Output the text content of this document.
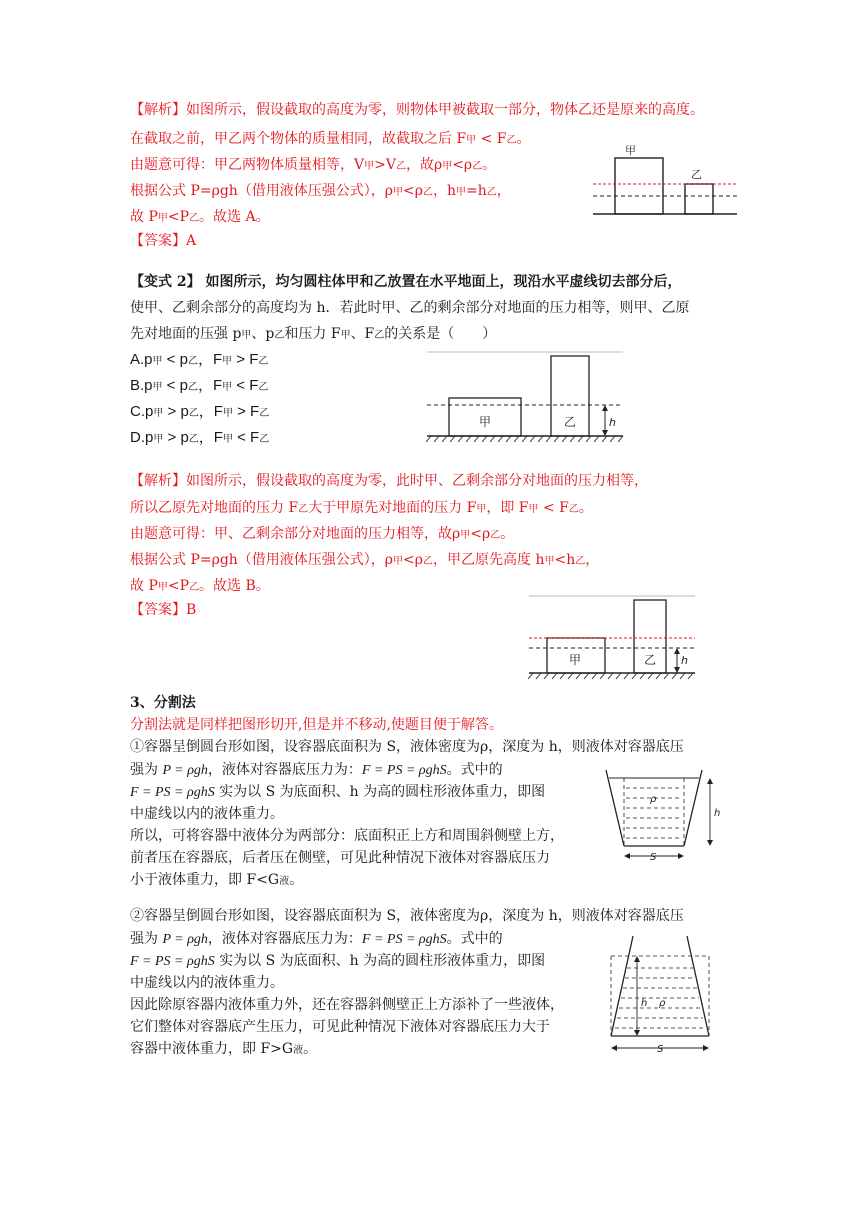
【解析】如图所示，假设截取的高度为零，则物体甲被截取一部分，物体乙还是原来的高度。
在截取之前，甲乙两个物体的质量相同，故截取之后 F甲 < F乙。
由题意可得：甲乙两物体质量相等，V甲>V乙，故ρ甲<ρ乙。
根据公式 P=ρgh（借用液体压强公式），ρ甲<ρ乙，h甲=h乙，
故 P甲<P乙。故选 A。
【答案】A
甲
乙
【变式 2】 如图所示，均匀圆柱体甲和乙放置在水平地面上，现沿水平虚线切去部分后，
使甲、乙剩余部分的高度均为 h．若此时甲、乙的剩余部分对地面的压力相等，则甲、乙原
先对地面的压强 p甲、p乙和压力 F甲、F乙的关系是（　　）
A.p甲 < p乙，F甲 > F乙
B.p甲 < p乙，F甲 < F乙
C.p甲 > p乙，F甲 > F乙
D.p甲 > p乙，F甲 < F乙
甲	乙	h
【解析】如图所示，假设截取的高度为零，此时甲、乙剩余部分对地面的压力相等，
所以乙原先对地面的压力 F乙大于甲原先对地面的压力 F甲，即 F甲 < F乙。
由题意可得：甲、乙剩余部分对地面的压力相等，故ρ甲<ρ乙。
根据公式 P=ρgh（借用液体压强公式），ρ甲<ρ乙，甲乙原先高度 h甲<h乙，
故 P甲<P乙。故选 B。
【答案】B
甲	乙 h
3、分割法
分割法就是同样把图形切开,但是并不移动,使题目便于解答。
①容器呈倒圆台形如图，设容器底面积为 S，液体密度为ρ，深度为 h，则液体对容器底压
强为 P = ρgh，液体对容器底压力为：F = PS = ρghS。式中的
F = PS = ρghS 实为以 S 为底面积、h 为高的圆柱形液体重力，即图
中虚线以内的液体重力。
所以，可将容器中液体分为两部分：底面积正上方和周围斜侧壁上方，
前者压在容器底，后者压在侧壁，可见此种情况下液体对容器底压力
小于液体重力，即 F<G液。
ρ
h
S
②容器呈倒圆台形如图，设容器底面积为 S，液体密度为ρ，深度为 h，则液体对容器底压
强为 P = ρgh，液体对容器底压力为：F = PS = ρghS。式中的
F = PS = ρghS 实为以 S 为底面积、h 为高的圆柱形液体重力，即图
中虚线以内的液体重力。
因此除原容器内液体重力外，还在容器斜侧壁正上方添补了一些液体，
它们整体对容器底产生压力，可见此种情况下液体对容器底压力大于
容器中液体重力，即 F>G液。
h ρ
S
